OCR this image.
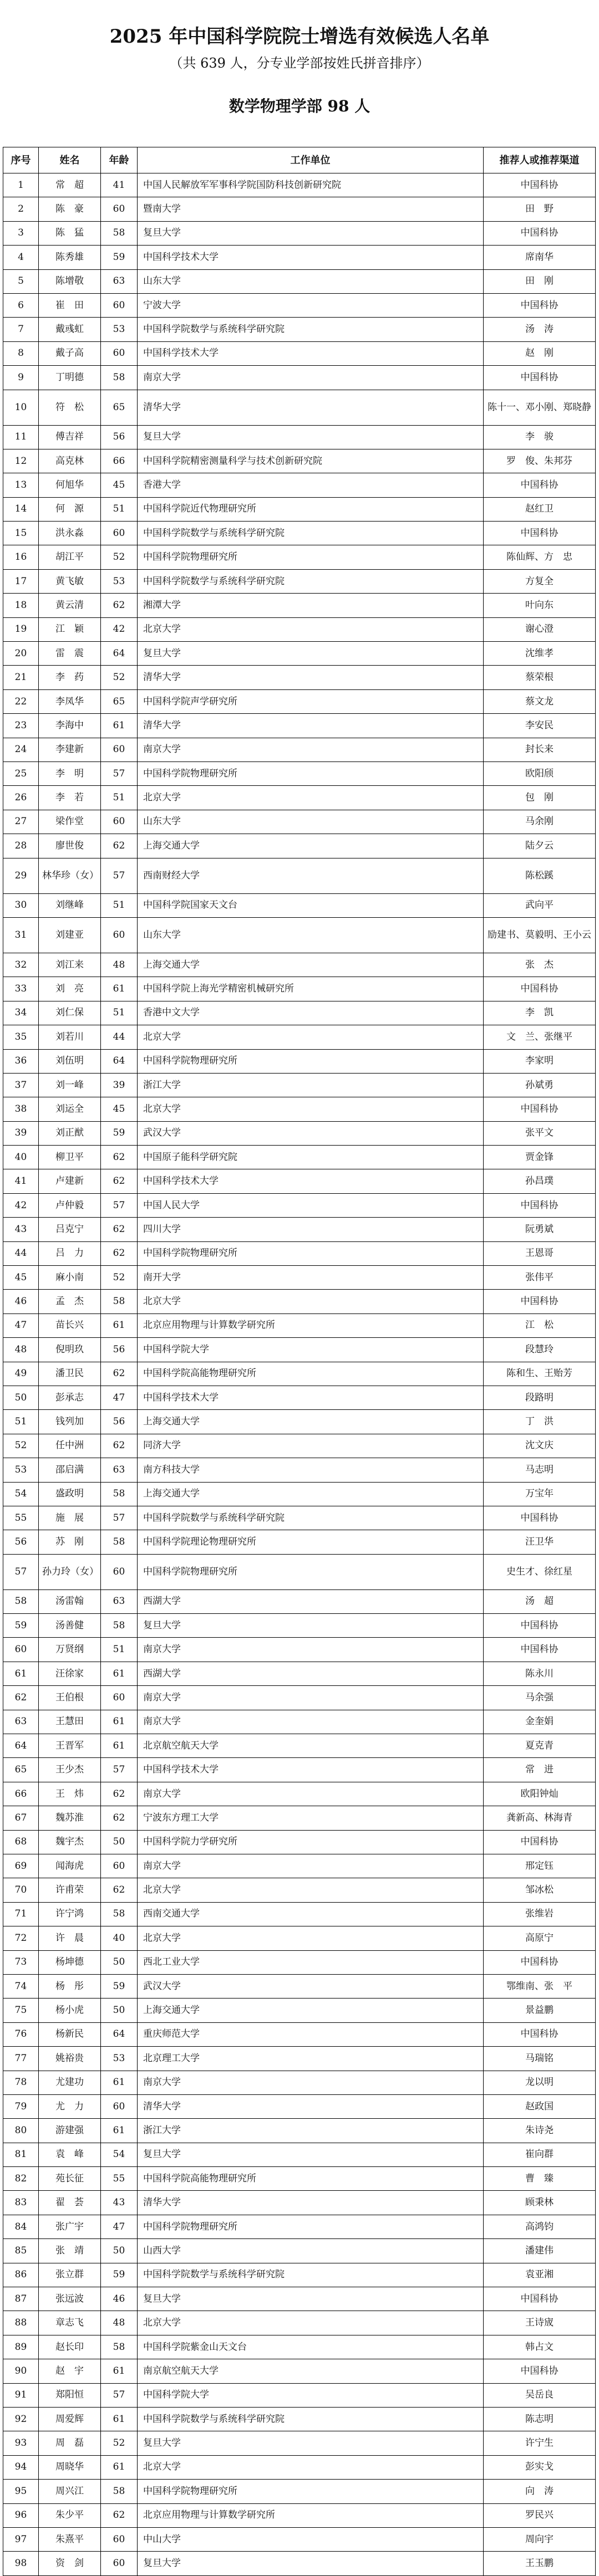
2025 年中国科学院院士增选有效候选人名单
（共 639 人，分专业学部按姓氏拼音排序）
数学物理学部 98 人
序号	姓名	年龄	工作单位	推荐人或推荐渠道
1	常　超	41	中国人民解放军军事科学院国防科技创新研究院	中国科协
2	陈　豪	60	暨南大学	田　野
3	陈　猛	58	复旦大学	中国科协
4	陈秀雄	59	中国科学技术大学	席南华
5	陈增敬	63	山东大学	田　刚
6	崔　田	60	宁波大学	中国科协
7	戴彧虹	53	中国科学院数学与系统科学研究院	汤　涛
8	戴子高	60	中国科学技术大学	赵　刚
9	丁明德	58	南京大学	中国科协
10	符　松	65	清华大学	陈十一、邓小刚、郑晓静
11	傅吉祥	56	复旦大学	李　骏
12	高克林	66	中国科学院精密测量科学与技术创新研究院	罗　俊、朱邦芬
13	何旭华	45	香港大学	中国科协
14	何　源	51	中国科学院近代物理研究所	赵红卫
15	洪永淼	60	中国科学院数学与系统科学研究院	中国科协
16	胡江平	52	中国科学院物理研究所	陈仙辉、方　忠
17	黄飞敏	53	中国科学院数学与系统科学研究院	方复全
18	黄云清	62	湘潭大学	叶向东
19	江　颖	42	北京大学	谢心澄
20	雷　震	64	复旦大学	沈维孝
21	李　药	52	清华大学	蔡荣根
22	李凤华	65	中国科学院声学研究所	蔡文龙
23	李海中	61	清华大学	李安民
24	李建新	60	南京大学	封长来
25	李　明	57	中国科学院物理研究所	欧阳颀
26	李　若	51	北京大学	包　刚
27	梁作堂	60	山东大学	马余刚
28	廖世俊	62	上海交通大学	陆夕云
29	林华珍（女）	57	西南财经大学	陈松蹊
30	刘继峰	51	中国科学院国家天文台	武向平
31	刘建亚	60	山东大学	励建书、莫毅明、王小云
32	刘江来	48	上海交通大学	张　杰
33	刘　亮	61	中国科学院上海光学精密机械研究所	中国科协
34	刘仁保	51	香港中文大学	李　凯
35	刘若川	44	北京大学	文　兰、张继平
36	刘伍明	64	中国科学院物理研究所	李家明
37	刘一峰	39	浙江大学	孙斌勇
38	刘运全	45	北京大学	中国科协
39	刘正猷	59	武汉大学	张平文
40	柳卫平	62	中国原子能科学研究院	贾金锋
41	卢建新	62	中国科学技术大学	孙昌璞
42	卢仲毅	57	中国人民大学	中国科协
43	吕克宁	62	四川大学	阮勇斌
44	吕　力	62	中国科学院物理研究所	王恩哥
45	麻小南	52	南开大学	张伟平
46	孟　杰	58	北京大学	中国科协
47	苗长兴	61	北京应用物理与计算数学研究所	江　松
48	倪明玖	56	中国科学院大学	段慧玲
49	潘卫民	62	中国科学院高能物理研究所	陈和生、王贻芳
50	彭承志	47	中国科学技术大学	段路明
51	钱列加	56	上海交通大学	丁　洪
52	任中洲	62	同济大学	沈文庆
53	邵启满	63	南方科技大学	马志明
54	盛政明	58	上海交通大学	万宝年
55	施　展	57	中国科学院数学与系统科学研究院	中国科协
56	苏　刚	58	中国科学院理论物理研究所	汪卫华
57	孙力玲（女）	60	中国科学院物理研究所	史生才、徐红星
58	汤雷翰	63	西湖大学	汤　超
59	汤善健	58	复旦大学	中国科协
60	万贤纲	51	南京大学	中国科协
61	汪徐家	61	西湖大学	陈永川
62	王伯根	60	南京大学	马余强
63	王慧田	61	南京大学	金奎娟
64	王晋军	61	北京航空航天大学	夏克青
65	王少杰	57	中国科学技术大学	常　进
66	王　炜	62	南京大学	欧阳钟灿
67	魏苏淮	62	宁波东方理工大学	龚新高、林海青
68	魏宇杰	50	中国科学院力学研究所	中国科协
69	闻海虎	60	南京大学	邢定钰
70	许甫荣	62	北京大学	邹冰松
71	许宁鸿	58	西南交通大学	张维岩
72	许　晨	40	北京大学	高原宁
73	杨坤德	50	西北工业大学	中国科协
74	杨　彤	59	武汉大学	鄂维南、张　平
75	杨小虎	50	上海交通大学	景益鹏
76	杨新民	64	重庆师范大学	中国科协
77	姚裕贵	53	北京理工大学	马瑞铭
78	尤建功	61	南京大学	龙以明
79	尤　力	60	清华大学	赵政国
80	游建强	61	浙江大学	朱诗尧
81	袁　峰	54	复旦大学	崔向群
82	苑长征	55	中国科学院高能物理研究所	曹　臻
83	翟　荟	43	清华大学	顾秉林
84	张广宇	47	中国科学院物理研究所	高鸿钧
85	张　靖	50	山西大学	潘建伟
86	张立群	59	中国科学院数学与系统科学研究院	袁亚湘
87	张远波	46	复旦大学	中国科协
88	章志飞	48	北京大学	王诗宬
89	赵长印	58	中国科学院紫金山天文台	韩占文
90	赵　宇	61	南京航空航天大学	中国科协
91	郑阳恒	57	中国科学院大学	吴岳良
92	周爱辉	61	中国科学院数学与系统科学研究院	陈志明
93	周　磊	52	复旦大学	许宁生
94	周晓华	61	北京大学	彭实戈
95	周兴江	58	中国科学院物理研究所	向　涛
96	朱少平	62	北京应用物理与计算数学研究所	罗民兴
97	朱熹平	60	中山大学	周向宇
98	资　剑	60	复旦大学	王玉鹏
